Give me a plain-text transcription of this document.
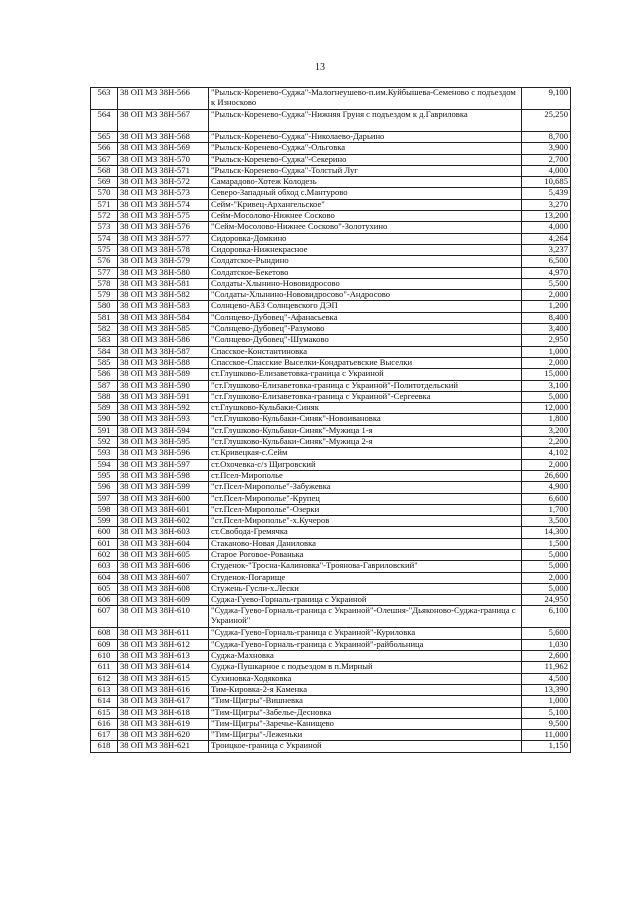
13
563	38 ОП МЗ 38Н-566	"Рыльск-Коренево-Суджа"-Малогнеушево-п.им.Куйбышева-Семеново с подъездом к Износково	9,100
564	38 ОП МЗ 38Н-567	"Рыльск-Коренево-Суджа"-Нижняя Груня с подъездом к д.Гавриловка	25,250
565	38 ОП МЗ 38Н-568	"Рыльск-Коренево-Суджа"-Николаево-Дарьино	8,700
566	38 ОП МЗ 38Н-569	"Рыльск-Коренево-Суджа"-Ольговка	3,900
567	38 ОП МЗ 38Н-570	"Рыльск-Коренево-Суджа"-Секерино	2,700
568	38 ОП МЗ 38Н-571	"Рыльск-Коренево-Суджа"-Толстый Луг	4,000
569	38 ОП МЗ 38Н-572	Самарадово-Хотеж Колодезь	10,685
570	38 ОП МЗ 38Н-573	Северо-Западный обход с.Мантурово	5,439
571	38 ОП МЗ 38Н-574	Сейм-"Кривец-Архангельское"	3,270
572	38 ОП МЗ 38Н-575	Сейм-Мосолово-Нижнее Сосково	13,200
573	38 ОП МЗ 38Н-576	"Сейм-Мосолово-Нижнее Сосково"-Золотухино	4,000
574	38 ОП МЗ 38Н-577	Сидоровка-Домкино	4,264
575	38 ОП МЗ 38Н-578	Сидоровка-Нижнекрасное	3,237
576	38 ОП МЗ 38Н-579	Солдатское-Рындино	6,500
577	38 ОП МЗ 38Н-580	Солдатское-Бекетово	4,970
578	38 ОП МЗ 38Н-581	Солдаты-Хлынино-Нововидросово	5,500
579	38 ОП МЗ 38Н-582	"Солдаты-Хлынино-Нововидросово"-Андросово	2,000
580	38 ОП МЗ 38Н-583	Солнцево-АБЗ Солнцевского ДЭП	1,200
581	38 ОП МЗ 38Н-584	"Солнцево-Дубовец"-Афанасьевка	8,400
582	38 ОП МЗ 38Н-585	"Солнцево-Дубовец"-Разумово	3,400
583	38 ОП МЗ 38Н-586	"Солнцево-Дубовец"-Шумаково	2,950
584	38 ОП МЗ 38Н-587	Спасское-Константиновка	1,000
585	38 ОП МЗ 38Н-588	Спасское-Спасские Выселки-Кондратьевские Выселки	2,000
586	38 ОП МЗ 38Н-589	ст.Глушково-Елизаветовка-граница с Украиной	15,000
587	38 ОП МЗ 38Н-590	"ст.Глушково-Елизаветовка-граница с Украиной"-Политотдельский	3,100
588	38 ОП МЗ 38Н-591	"ст.Глушково-Елизаветовка-граница с Украиной"-Сергеевка	5,000
589	38 ОП МЗ 38Н-592	ст.Глушково-Кульбаки-Синяк	12,000
590	38 ОП МЗ 38Н-593	"ст.Глушково-Кульбаки-Синяк"-Новоивановка	1,800
591	38 ОП МЗ 38Н-594	"ст.Глушково-Кульбаки-Синяк"-Мужица 1-я	3,200
592	38 ОП МЗ 38Н-595	"ст.Глушково-Кульбаки-Синяк"-Мужица 2-я	2,200
593	38 ОП МЗ 38Н-596	ст.Кривецкая-с.Сейм	4,102
594	38 ОП МЗ 38Н-597	ст.Охочевка-с/з Щигровский	2,000
595	38 ОП МЗ 38Н-598	ст.Псел-Мирополье	26,600
596	38 ОП МЗ 38Н-599	"ст.Псел-Мирополье"-Забужевка	4,900
597	38 ОП МЗ 38Н-600	"ст.Псел-Мирополье"-Крупец	6,600
598	38 ОП МЗ 38Н-601	"ст.Псел-Мирополье"-Озерки	1,700
599	38 ОП МЗ 38Н-602	"ст.Псел-Мирополье"-х.Кучеров	3,500
600	38 ОП МЗ 38Н-603	ст.Свобода-Гремячка	14,300
601	38 ОП МЗ 38Н-604	Стаканово-Новая Даниловка	1,500
602	38 ОП МЗ 38Н-605	Старое Роговое-Рованька	5,000
603	38 ОП МЗ 38Н-606	Студенок-"Тросна-Калиновка"-Троянова-Гавриловский"	5,000
604	38 ОП МЗ 38Н-607	Студенок-Погарище	2,000
605	38 ОП МЗ 38Н-608	Стужень-Гусли-х.Лески	5,000
606	38 ОП МЗ 38Н-609	Суджа-Гуево-Горналь-граница с Украиной	24,950
607	38 ОП МЗ 38Н-610	"Суджа-Гуево-Горналь-граница с Украиной"-Олешня-"Дьяконово-Суджа-граница с Украиной"	6,100
608	38 ОП МЗ 38Н-611	"Суджа-Гуево-Горналь-граница с Украиной"-Куриловка	5,600
609	38 ОП МЗ 38Н-612	"Суджа-Гуево-Горналь-граница с Украиной"-райбольница	1,030
610	38 ОП МЗ 38Н-613	Суджа-Махновка	2,600
611	38 ОП МЗ 38Н-614	Суджа-Пушкарное с подъездом в п.Мирный	11,962
612	38 ОП МЗ 38Н-615	Сухиновка-Ходяковка	4,500
613	38 ОП МЗ 38Н-616	Тим-Кировка-2-я Каменка	13,390
614	38 ОП МЗ 38Н-617	"Тим-Щигры"-Вишневка	1,000
615	38 ОП МЗ 38Н-618	"Тим-Щигры"-Забелье-Десновка	5,100
616	38 ОП МЗ 38Н-619	"Тим-Щигры"-Заречье-Канищево	9,500
617	38 ОП МЗ 38Н-620	"Тим-Щигры"-Леженьки	11,000
618	38 ОП МЗ 38Н-621	Троицкое-граница с Украиной	1,150
